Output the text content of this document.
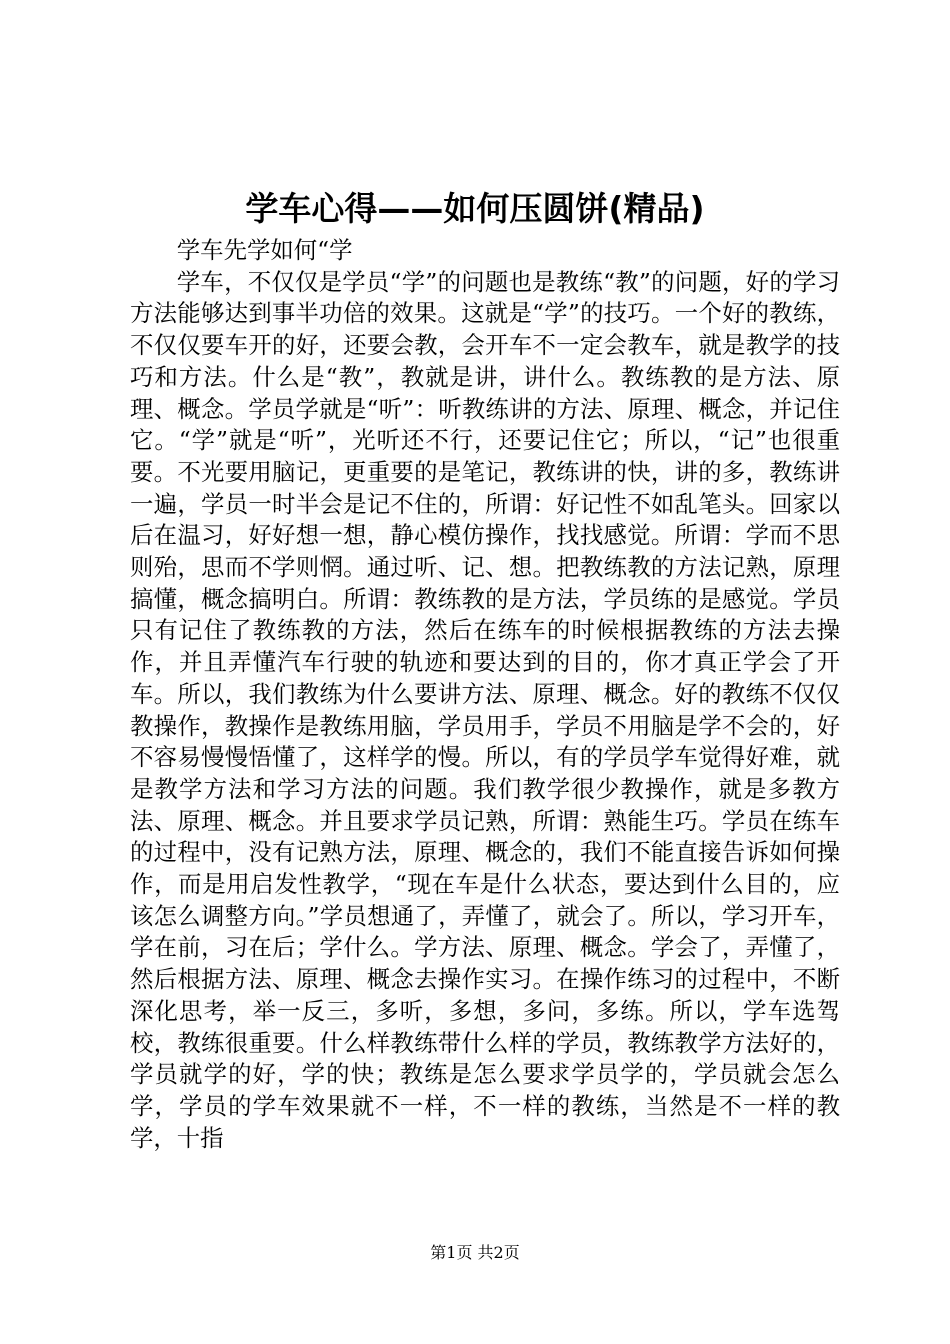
学车心得——如何压圆饼(精品)

学车先学如何“学

学车，不仅仅是学员“学”的问题也是教练“教”的问题，好的学习方法能够达到事半功倍的效果。这就是“学”的技巧。一个好的教练，不仅仅要车开的好，还要会教，会开车不一定会教车，就是教学的技巧和方法。什么是“教”，教就是讲，讲什么。教练教的是方法、原理、概念。学员学就是“听”：听教练讲的方法、原理、概念，并记住它。“学”就是“听”，光听还不行，还要记住它；所以，“记”也很重要。不光要用脑记，更重要的是笔记，教练讲的快，讲的多，教练讲一遍，学员一时半会是记不住的，所谓：好记性不如乱笔头。回家以后在温习，好好想一想，静心模仿操作，找找感觉。所谓：学而不思则殆，思而不学则惘。通过听、记、想。把教练教的方法记熟，原理搞懂，概念搞明白。所谓：教练教的是方法，学员练的是感觉。学员只有记住了教练教的方法，然后在练车的时候根据教练的方法去操作，并且弄懂汽车行驶的轨迹和要达到的目的，你才真正学会了开车。所以，我们教练为什么要讲方法、原理、概念。好的教练不仅仅教操作，教操作是教练用脑，学员用手，学员不用脑是学不会的，好不容易慢慢悟懂了，这样学的慢。所以，有的学员学车觉得好难，就是教学方法和学习方法的问题。我们教学很少教操作，就是多教方法、原理、概念。并且要求学员记熟，所谓：熟能生巧。学员在练车的过程中，没有记熟方法，原理、概念的，我们不能直接告诉如何操作，而是用启发性教学，“现在车是什么状态，要达到什么目的，应该怎么调整方向。”学员想通了，弄懂了，就会了。所以，学习开车，学在前，习在后；学什么。学方法、原理、概念。学会了，弄懂了，然后根据方法、原理、概念去操作实习。在操作练习的过程中，不断深化思考，举一反三，多听，多想，多问，多练。所以，学车选驾校，教练很重要。什么样教练带什么样的学员，教练教学方法好的，学员就学的好，学的快；教练是怎么要求学员学的，学员就会怎么学，学员的学车效果就不一样，不一样的教练，当然是不一样的教学，十指

第1页 共2页
